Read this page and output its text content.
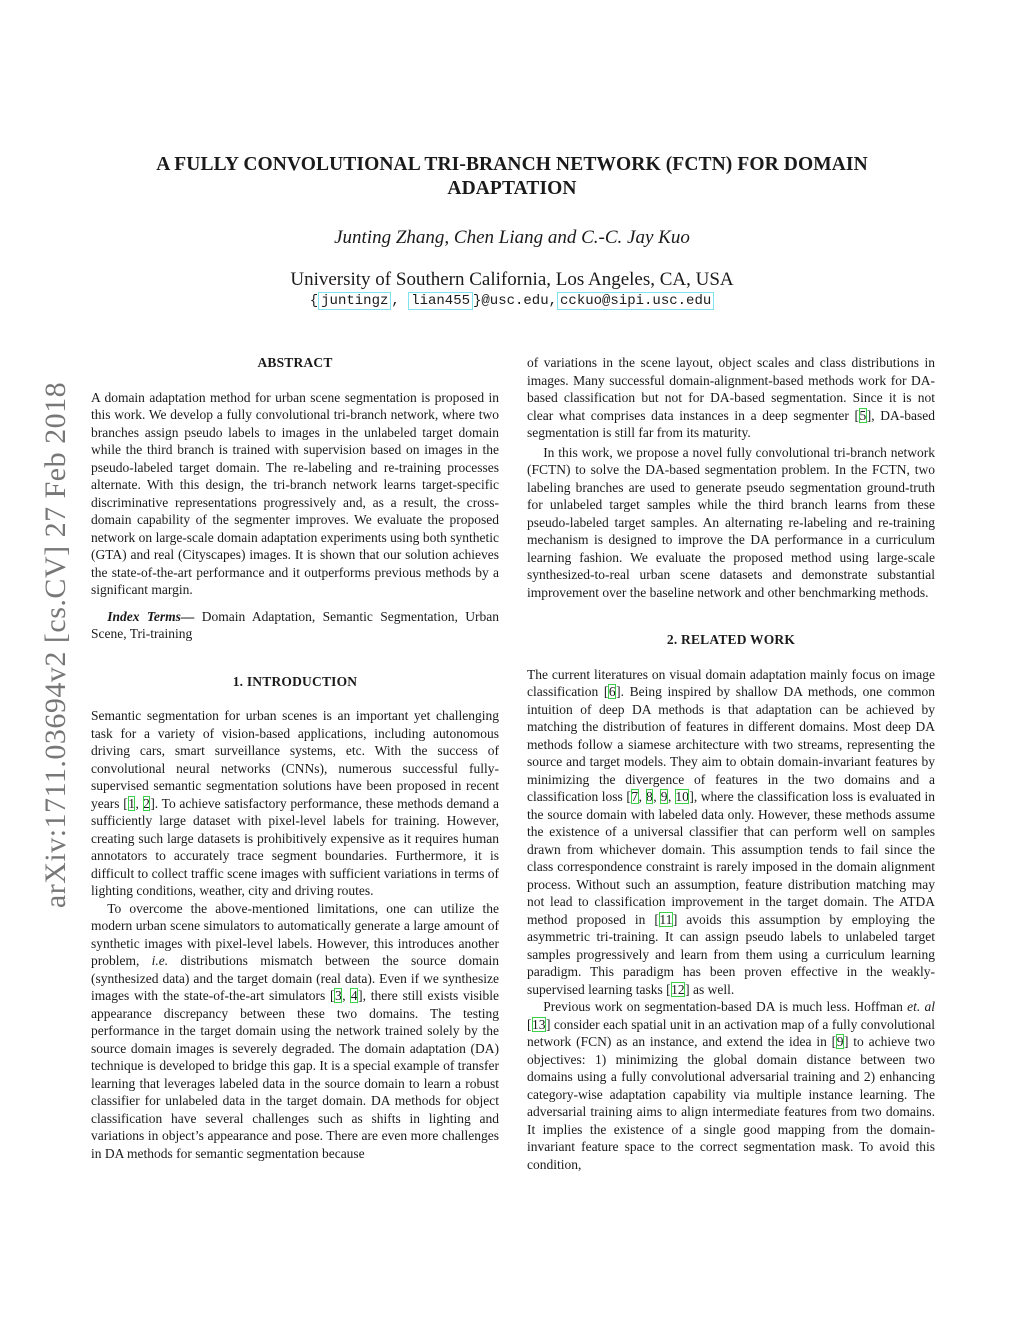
arXiv:1711.03694v2 [cs.CV] 27 Feb 2018
A FULLY CONVOLUTIONAL TRI-BRANCH NETWORK (FCTN) FOR DOMAIN ADAPTATION
Junting Zhang, Chen Liang and C.-C. Jay Kuo
University of Southern California, Los Angeles, CA, USA
{ juntingz , lian455 }@usc.edu, cckuo@sipi.usc.edu
ABSTRACT

A domain adaptation method for urban scene segmentation is proposed in this work. We develop a fully convolutional tri-branch network, where two branches assign pseudo labels to images in the unlabeled target domain while the third branch is trained with supervision based on images in the pseudo-labeled target domain. The re-labeling and re-training processes alternate. With this design, the tri-branch network learns target-specific discriminative representations progressively and, as a result, the cross-domain capability of the segmenter improves. We evaluate the proposed network on large-scale domain adaptation experiments using both synthetic (GTA) and real (Cityscapes) images. It is shown that our solution achieves the state-of-the-art performance and it outperforms previous methods by a significant margin.

Index Terms— Domain Adaptation, Semantic Segmentation, Urban Scene, Tri-training

1. INTRODUCTION

Semantic segmentation for urban scenes is an important yet challenging task for a variety of vision-based applications, including autonomous driving cars, smart surveillance systems, etc. With the success of convolutional neural networks (CNNs), numerous successful fully-supervised semantic segmentation solutions have been proposed in recent years [1, 2]. To achieve satisfactory performance, these methods demand a sufficiently large dataset with pixel-level labels for training. However, creating such large datasets is prohibitively expensive as it requires human annotators to accurately trace segment boundaries. Furthermore, it is difficult to collect traffic scene images with sufficient variations in terms of lighting conditions, weather, city and driving routes.

To overcome the above-mentioned limitations, one can utilize the modern urban scene simulators to automatically generate a large amount of synthetic images with pixel-level labels. However, this introduces another problem, i.e. distributions mismatch between the source domain (synthesized data) and the target domain (real data). Even if we synthesize images with the state-of-the-art simulators [3, 4], there still exists visible appearance discrepancy between these two domains. The testing performance in the target domain using the network trained solely by the source domain images is severely degraded. The domain adaptation (DA) technique is developed to bridge this gap. It is a special example of transfer learning that leverages labeled data in the source domain to learn a robust classifier for unlabeled data in the target domain. DA methods for object classification have several challenges such as shifts in lighting and variations in object’s appearance and pose. There are even more challenges in DA methods for semantic segmentation because

of variations in the scene layout, object scales and class distributions in images. Many successful domain-alignment-based methods work for DA-based classification but not for DA-based segmentation. Since it is not clear what comprises data instances in a deep segmenter [5], DA-based segmentation is still far from its maturity.

In this work, we propose a novel fully convolutional tri-branch network (FCTN) to solve the DA-based segmentation problem. In the FCTN, two labeling branches are used to generate pseudo segmentation ground-truth for unlabeled target samples while the third branch learns from these pseudo-labeled target samples. An alternating re-labeling and re-training mechanism is designed to improve the DA performance in a curriculum learning fashion. We evaluate the proposed method using large-scale synthesized-to-real urban scene datasets and demonstrate substantial improvement over the baseline network and other benchmarking methods.

2. RELATED WORK

The current literatures on visual domain adaptation mainly focus on image classification [6]. Being inspired by shallow DA methods, one common intuition of deep DA methods is that adaptation can be achieved by matching the distribution of features in different domains. Most deep DA methods follow a siamese architecture with two streams, representing the source and target models. They aim to obtain domain-invariant features by minimizing the divergence of features in the two domains and a classification loss [7, 8, 9, 10], where the classification loss is evaluated in the source domain with labeled data only. However, these methods assume the existence of a universal classifier that can perform well on samples drawn from whichever domain. This assumption tends to fail since the class correspondence constraint is rarely imposed in the domain alignment process. Without such an assumption, feature distribution matching may not lead to classification improvement in the target domain. The ATDA method proposed in [11] avoids this assumption by employing the asymmetric tri-training. It can assign pseudo labels to unlabeled target samples progressively and learn from them using a curriculum learning paradigm. This paradigm has been proven effective in the weakly-supervised learning tasks [12] as well.

Previous work on segmentation-based DA is much less. Hoffman et. al [13] consider each spatial unit in an activation map of a fully convolutional network (FCN) as an instance, and extend the idea in [9] to achieve two objectives: 1) minimizing the global domain distance between two domains using a fully convolutional adversarial training and 2) enhancing category-wise adaptation capability via multiple instance learning. The adversarial training aims to align intermediate features from two domains. It implies the existence of a single good mapping from the domain-invariant feature space to the correct segmentation mask. To avoid this condition,
